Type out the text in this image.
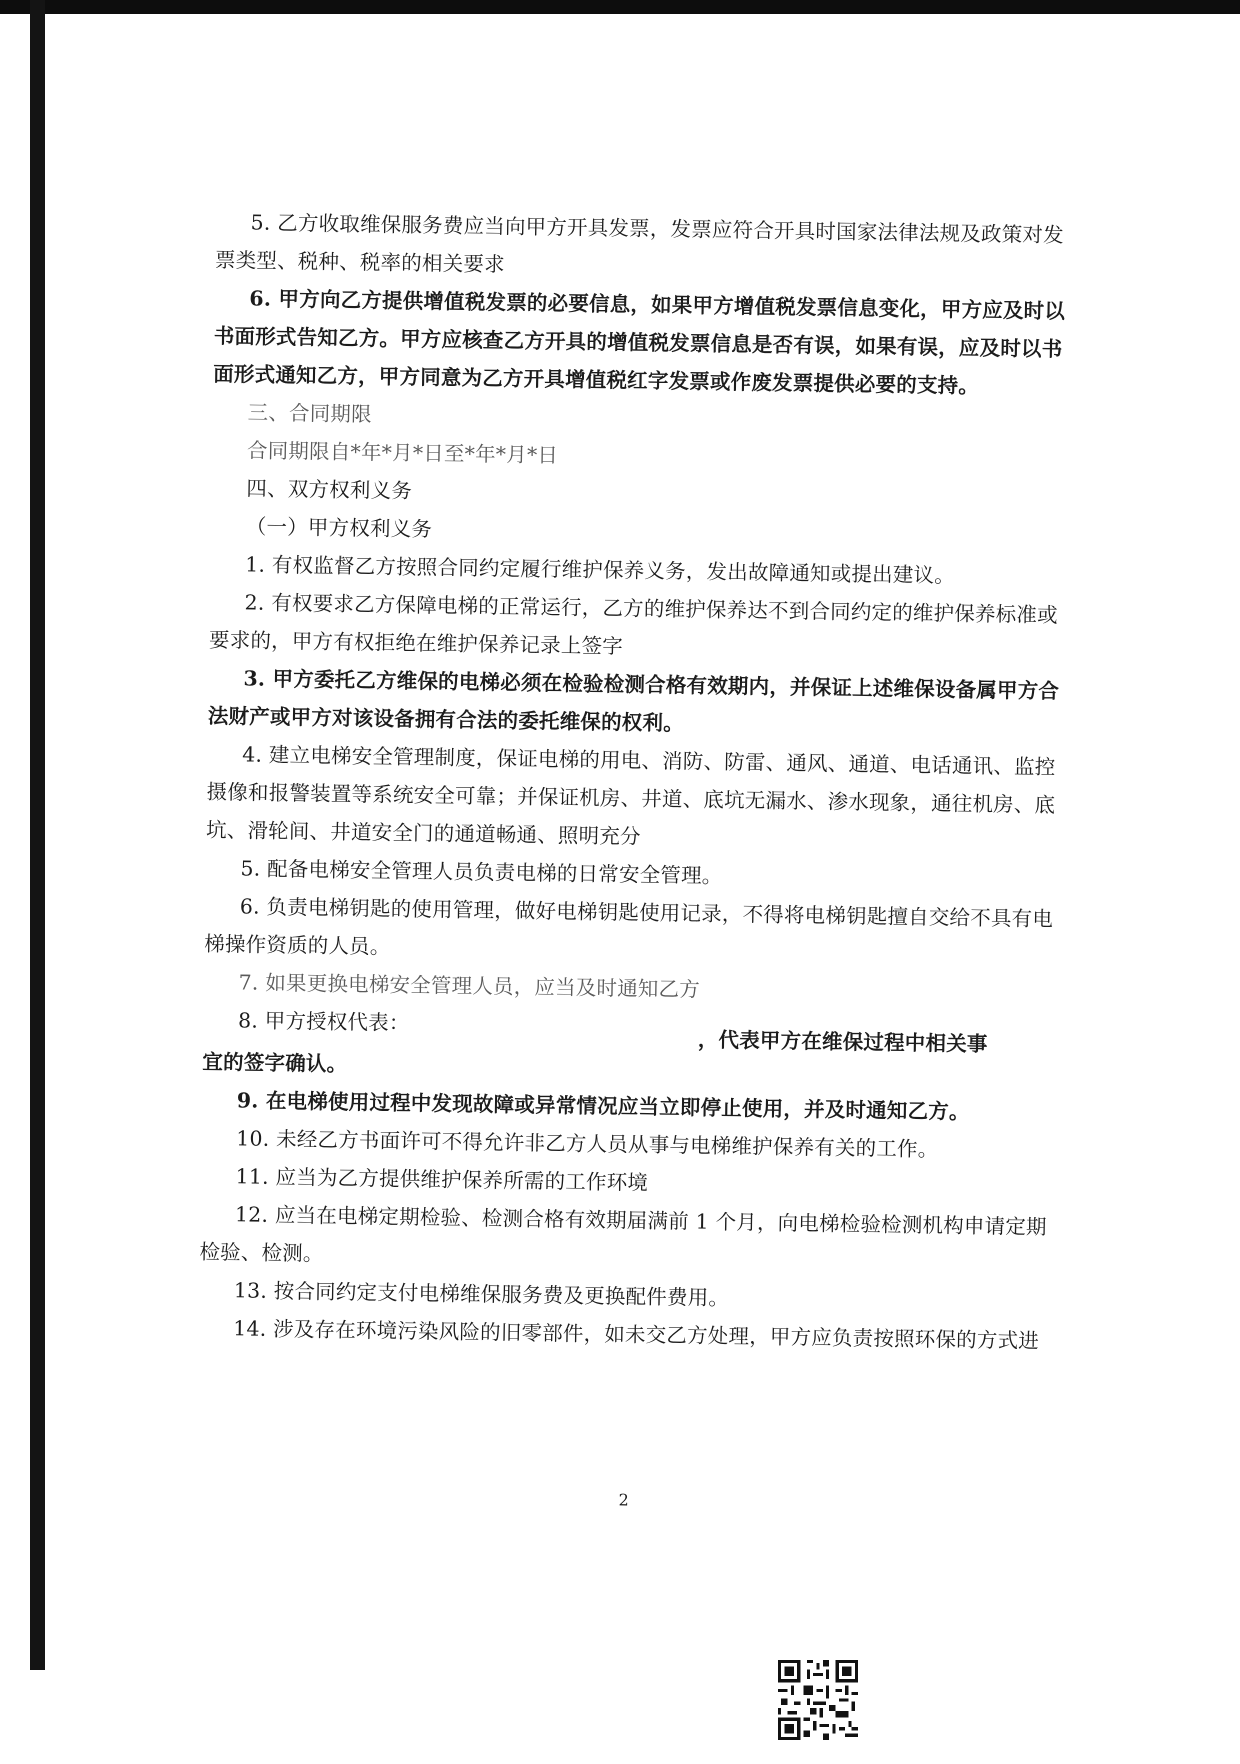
5. 乙方收取维保服务费应当向甲方开具发票，发票应符合开具时国家法律法规及政策对发
票类型、税种、税率的相关要求
6. 甲方向乙方提供增值税发票的必要信息，如果甲方增值税发票信息变化，甲方应及时以
书面形式告知乙方。甲方应核查乙方开具的增值税发票信息是否有误，如果有误，应及时以书
面形式通知乙方，甲方同意为乙方开具增值税红字发票或作废发票提供必要的支持。
三、合同期限
合同期限自*年*月*日至*年*月*日
四、双方权利义务
（一）甲方权利义务
1. 有权监督乙方按照合同约定履行维护保养义务，发出故障通知或提出建议。
2. 有权要求乙方保障电梯的正常运行，乙方的维护保养达不到合同约定的维护保养标准或
要求的，甲方有权拒绝在维护保养记录上签字
3. 甲方委托乙方维保的电梯必须在检验检测合格有效期内，并保证上述维保设备属甲方合
法财产或甲方对该设备拥有合法的委托维保的权利。
4. 建立电梯安全管理制度，保证电梯的用电、消防、防雷、通风、通道、电话通讯、监控
摄像和报警装置等系统安全可靠；并保证机房、井道、底坑无漏水、渗水现象，通往机房、底
坑、滑轮间、井道安全门的通道畅通、照明充分
5. 配备电梯安全管理人员负责电梯的日常安全管理。
6. 负责电梯钥匙的使用管理，做好电梯钥匙使用记录，不得将电梯钥匙擅自交给不具有电
梯操作资质的人员。
7. 如果更换电梯安全管理人员，应当及时通知乙方
8. 甲方授权代表：
，代表甲方在维保过程中相关事
宜的签字确认。
9. 在电梯使用过程中发现故障或异常情况应当立即停止使用，并及时通知乙方。
10. 未经乙方书面许可不得允许非乙方人员从事与电梯维护保养有关的工作。
11. 应当为乙方提供维护保养所需的工作环境
12. 应当在电梯定期检验、检测合格有效期届满前 1 个月，向电梯检验检测机构申请定期
检验、检测。
13. 按合同约定支付电梯维保服务费及更换配件费用。
14. 涉及存在环境污染风险的旧零部件，如未交乙方处理，甲方应负责按照环保的方式进
2
